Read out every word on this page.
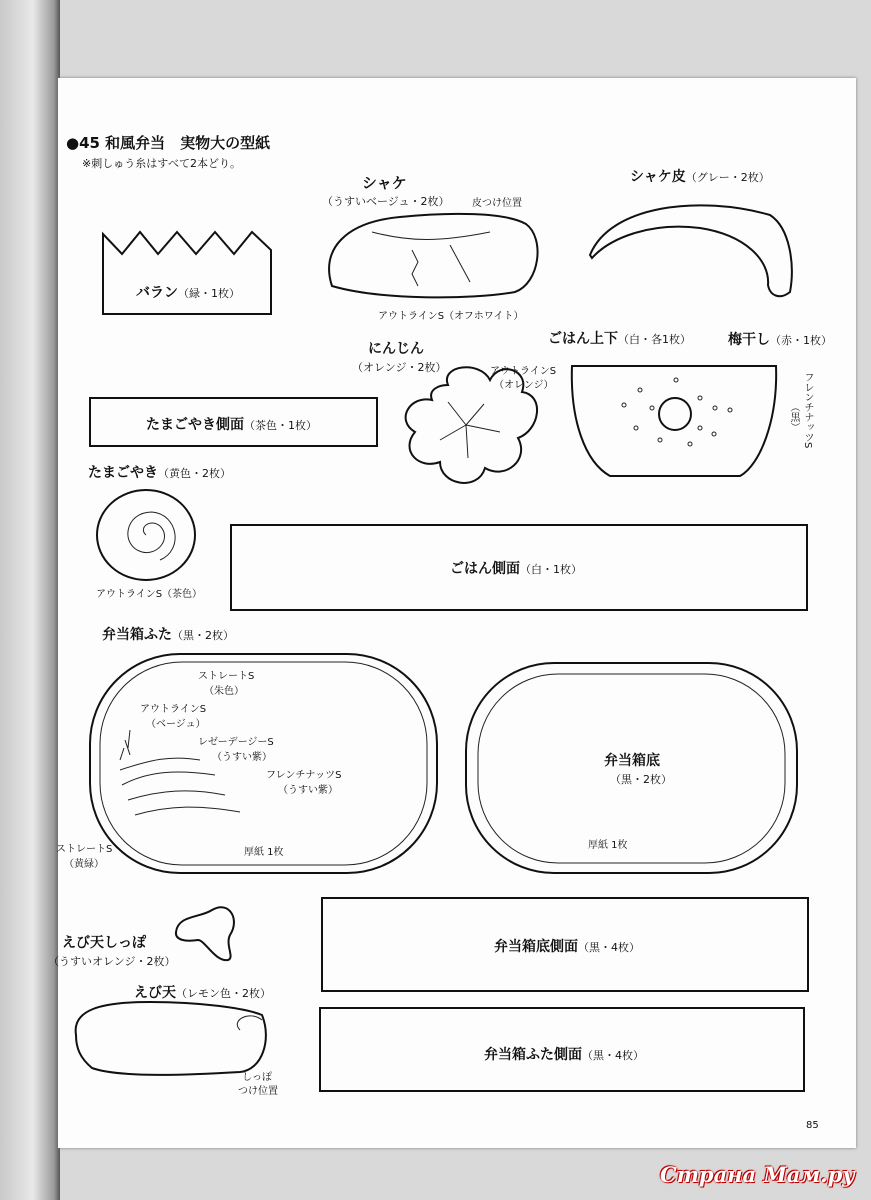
●45 和風弁当　実物大の型紙
※刺しゅう糸はすべて2本どり。
バラン（緑・1枚）
シャケ
（うすいベージュ・2枚） 皮つけ位置
アウトラインS（オフホワイト）
シャケ皮（グレー・2枚）
にんじん
（オレンジ・2枚）	アウトラインS
（オレンジ）
ごはん上下（白・各1枚）	梅干し（赤・1枚）
フレンチナッツS
（黒）
たまごやき側面（茶色・1枚）
たまごやき（黄色・2枚）
アウトラインS（茶色）
ごはん側面（白・1枚）
弁当箱ふた（黒・2枚）
ストレートS
（朱色）
アウトラインS
（ベージュ）
レゼーデージーS
（うすい紫）
フレンチナッツS
（うすい紫）
ストレートS
（黄緑）
厚紙 1枚
弁当箱底
（黒・2枚）
厚紙 1枚
えび天しっぽ
（うすいオレンジ・2枚）
弁当箱底側面（黒・4枚）
えび天（レモン色・2枚）
しっぽ
つけ位置
弁当箱ふた側面（黒・4枚）
85
Страна Мам.ру
